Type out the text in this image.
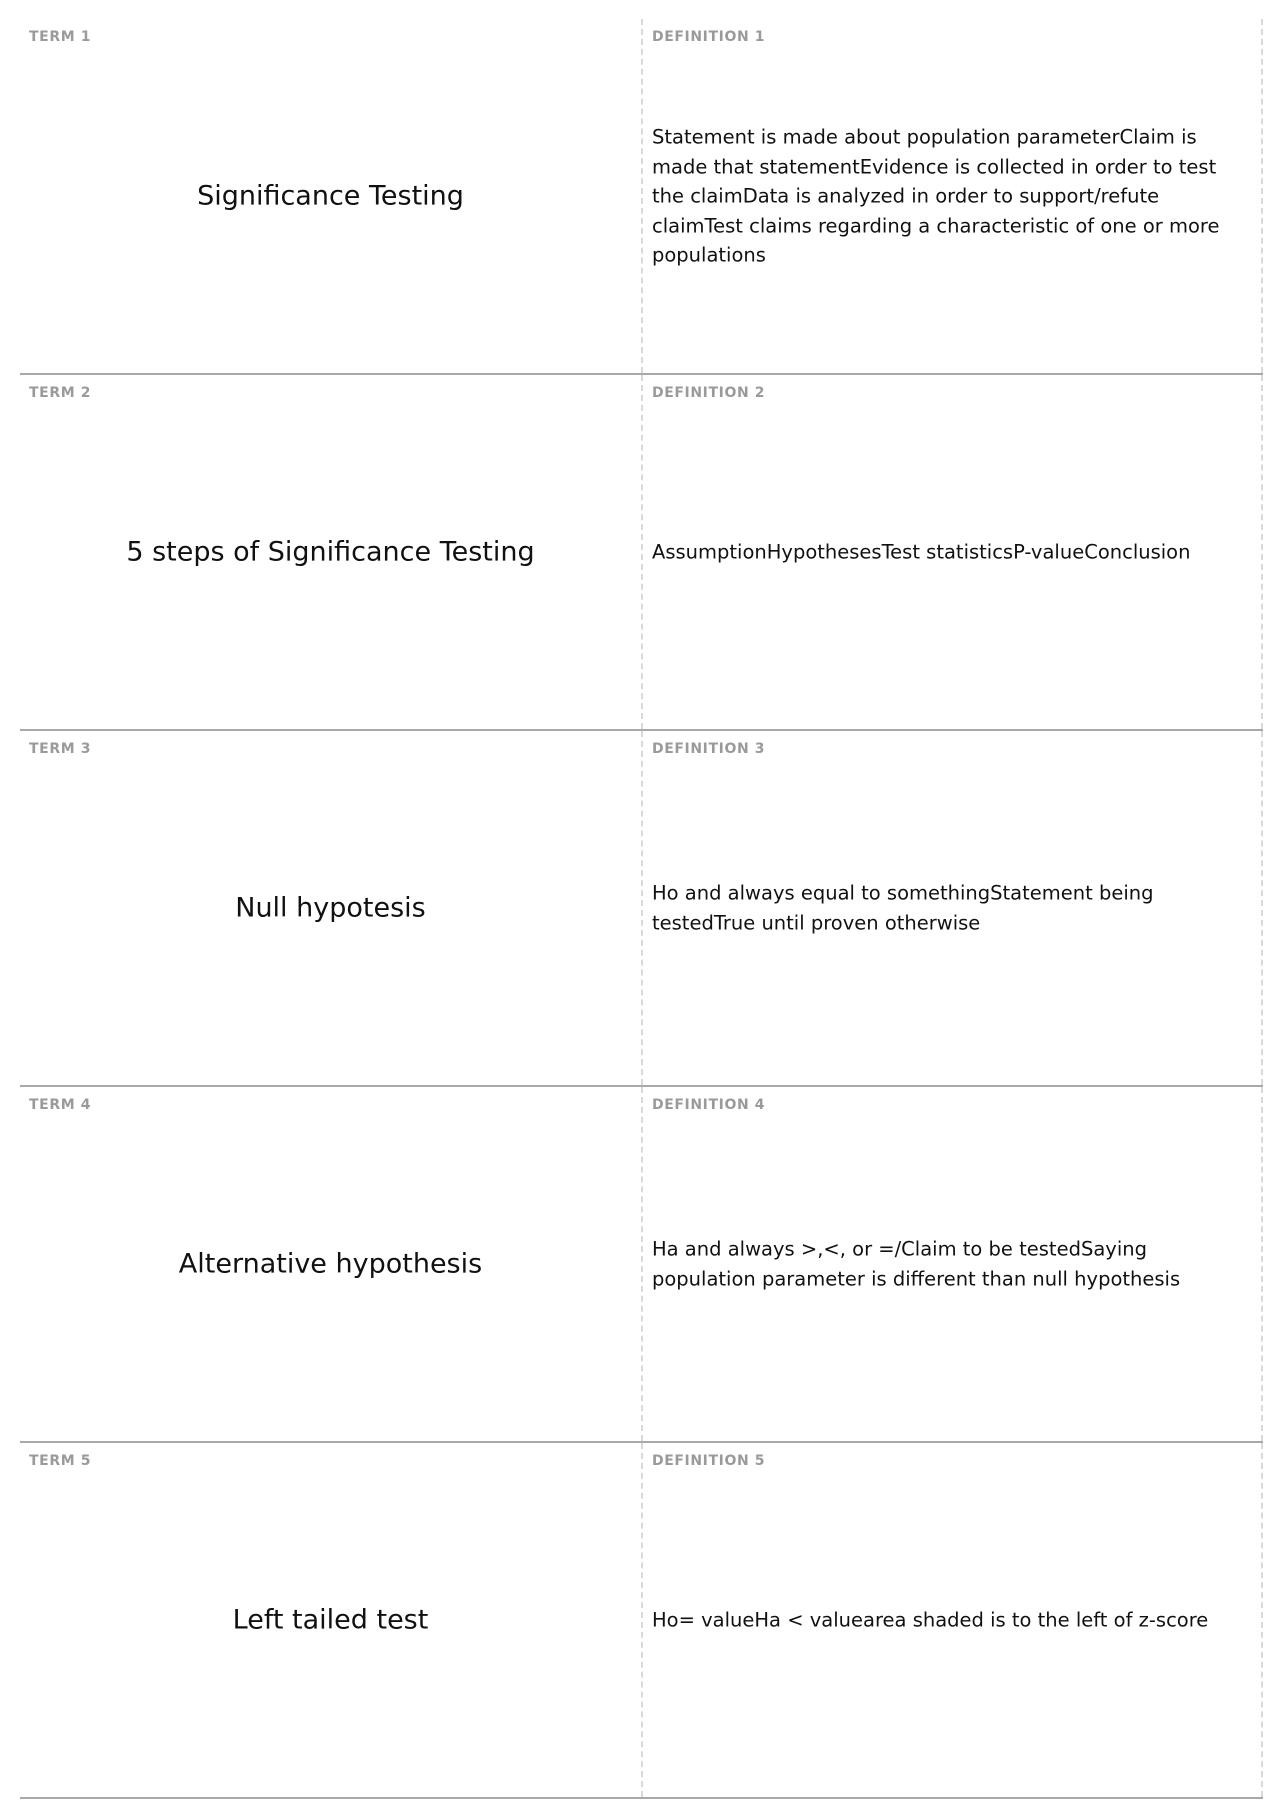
TERM 1
Significance Testing
DEFINITION 1
Statement is made about population parameterClaim is made that statementEvidence is collected in order to test the claimData is analyzed in order to support/refute claimTest claims regarding a characteristic of one or more populations
TERM 2
5 steps of Significance Testing
DEFINITION 2
AssumptionHypothesesTest statisticsP-valueConclusion
TERM 3
Null hypotesis
DEFINITION 3
Ho and always equal to somethingStatement being testedTrue until proven otherwise
TERM 4
Alternative hypothesis
DEFINITION 4
Ha and always >,<, or =/Claim to be testedSaying population parameter is different than null hypothesis
TERM 5
Left tailed test
DEFINITION 5
Ho= valueHa < valuearea shaded is to the left of z-score
